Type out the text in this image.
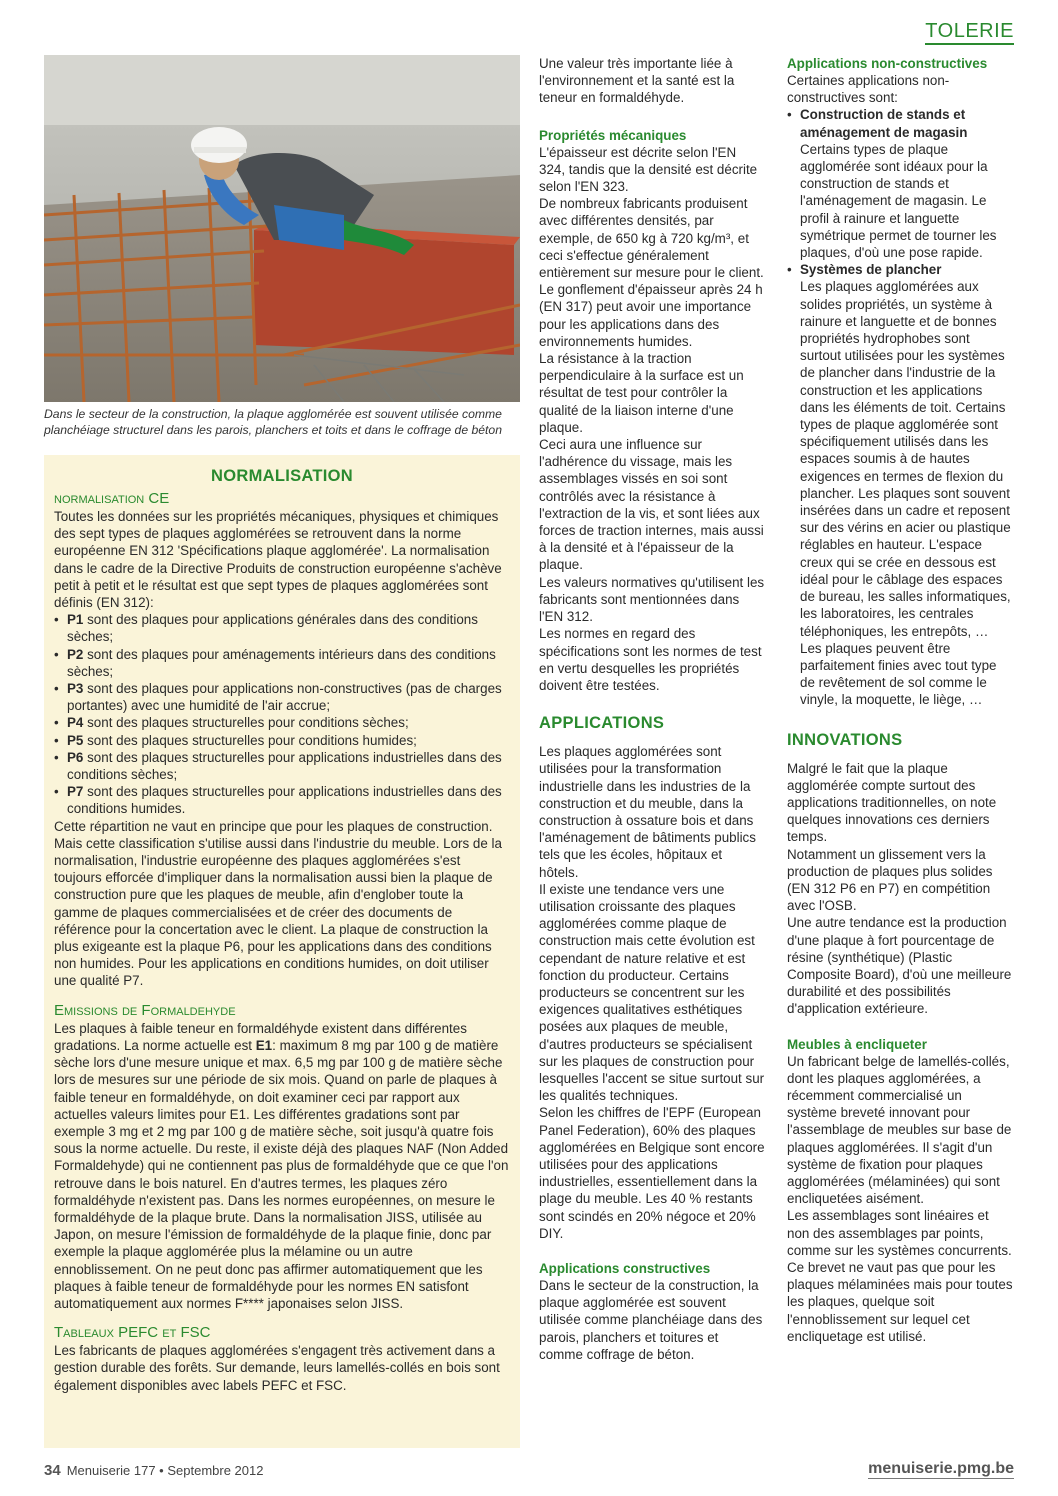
TOLERIE
Dans le secteur de la construction, la plaque agglomérée est souvent utilisée comme planchéiage structurel dans les parois, planchers et toits et dans le coffrage de béton
NORMALISATION
normalisation CE

Toutes les données sur les propriétés mécaniques, physiques et chimiques des sept types de plaques agglomérées se retrouvent dans la norme européenne EN 312 'Spécifications plaque agglomérée'. La normalisation dans le cadre de la Directive Produits de construction européenne s'achève petit à petit et le résultat est que sept types de plaques agglomérées sont définis (EN 312):

• P1 sont des plaques pour applications générales dans des conditions sèches;
• P2 sont des plaques pour aménagements intérieurs dans des conditions sèches;
• P3 sont des plaques pour applications non-constructives (pas de charges portantes) avec une humidité de l'air accrue;
• P4 sont des plaques structurelles pour conditions sèches;
• P5 sont des plaques structurelles pour conditions humides;
• P6 sont des plaques structurelles pour applications industrielles dans des conditions sèches;
• P7 sont des plaques structurelles pour applications industrielles dans des conditions humides.

Cette répartition ne vaut en principe que pour les plaques de construction. Mais cette classification s'utilise aussi dans l'industrie du meuble. Lors de la normalisation, l'industrie européenne des plaques agglomérées s'est toujours efforcée d'impliquer dans la normalisation aussi bien la plaque de construction pure que les plaques de meuble, afin d'englober toute la gamme de plaques commercialisées et de créer des documents de référence pour la concertation avec le client. La plaque de construction la plus exigeante est la plaque P6, pour les applications dans des conditions non humides. Pour les applications en conditions humides, on doit utiliser une qualité P7.

Emissions de Formaldehyde

Les plaques à faible teneur en formaldéhyde existent dans différentes gradations. La norme actuelle est E1: maximum 8 mg par 100 g de matière sèche lors d'une mesure unique et max. 6,5 mg par 100 g de matière sèche lors de mesures sur une période de six mois. Quand on parle de plaques à faible teneur en formaldéhyde, on doit examiner ceci par rapport aux actuelles valeurs limites pour E1. Les différentes gradations sont par exemple 3 mg et 2 mg par 100 g de matière sèche, soit jusqu'à quatre fois sous la norme actuelle. Du reste, il existe déjà des plaques NAF (Non Added Formaldehyde) qui ne contiennent pas plus de formaldéhyde que ce que l'on retrouve dans le bois naturel. En d'autres termes, les plaques zéro formaldéhyde n'existent pas. Dans les normes européennes, on mesure le formaldéhyde de la plaque brute. Dans la normalisation JISS, utilisée au Japon, on mesure l'émission de formaldéhyde de la plaque finie, donc par exemple la plaque agglomérée plus la mélamine ou un autre ennoblissement. On ne peut donc pas affirmer automatiquement que les plaques à faible teneur de formaldéhyde pour les normes EN satisfont automatiquement aux normes F**** japonaises selon JISS.

Tableaux PEFC et FSC

Les fabricants de plaques agglomérées s'engagent très activement dans a gestion durable des forêts. Sur demande, leurs lamellés-collés en bois sont également disponibles avec labels PEFC et FSC.

Une valeur très importante liée à l'environnement et la santé est la teneur en formaldéhyde.

Propriétés mécaniques

L'épaisseur est décrite selon l'EN 324, tandis que la densité est décrite selon l'EN 323.

De nombreux fabricants produisent avec différentes densités, par exemple, de 650 kg à 720 kg/m³, et ceci s'effectue généralement entièrement sur mesure pour le client.

Le gonflement d'épaisseur après 24 h (EN 317) peut avoir une importance pour les applications dans des environnements humides.

La résistance à la traction perpendiculaire à la surface est un résultat de test pour contrôler la qualité de la liaison interne d'une plaque.

Ceci aura une influence sur l'adhérence du vissage, mais les assemblages vissés en soi sont contrôlés avec la résistance à l'extraction de la vis, et sont liées aux forces de traction internes, mais aussi à la densité et à l'épaisseur de la plaque.

Les valeurs normatives qu'utilisent les fabricants sont mentionnées dans l'EN 312.

Les normes en regard des spécifications sont les normes de test en vertu desquelles les propriétés doivent être testées.

APPLICATIONS

Les plaques agglomérées sont utilisées pour la transformation industrielle dans les industries de la construction et du meuble, dans la construction à ossature bois et dans l'aménagement de bâtiments publics tels que les écoles, hôpitaux et hôtels.

Il existe une tendance vers une utilisation croissante des plaques agglomérées comme plaque de construction mais cette évolution est cependant de nature relative et est fonction du producteur. Certains producteurs se concentrent sur les exigences qualitatives esthétiques posées aux plaques de meuble, d'autres producteurs se spécialisent sur les plaques de construction pour lesquelles l'accent se situe surtout sur les qualités techniques.

Selon les chiffres de l'EPF (European Panel Federation), 60% des plaques agglomérées en Belgique sont encore utilisées pour des applications industrielles, essentiellement dans la plage du meuble. Les 40 % restants sont scindés en 20% négoce et 20% DIY.

Applications constructives

Dans le secteur de la construction, la plaque agglomérée est souvent utilisée comme planchéiage dans des parois, planchers et toitures et comme coffrage de béton.

Applications non-constructives

Certaines applications non-constructives sont:

• Construction de stands et aménagement de magasin
Certains types de plaque agglomérée sont idéaux pour la construction de stands et l'aménagement de magasin. Le profil à rainure et languette symétrique permet de tourner les plaques, d'où une pose rapide.
• Systèmes de plancher
Les plaques agglomérées aux solides propriétés, un système à rainure et languette et de bonnes propriétés hydrophobes sont surtout utilisées pour les systèmes de plancher dans l'industrie de la construction et les applications dans les éléments de toit. Certains types de plaque agglomérée sont spécifiquement utilisés dans les espaces soumis à de hautes exigences en termes de flexion du plancher. Les plaques sont souvent insérées dans un cadre et reposent sur des vérins en acier ou plastique réglables en hauteur. L'espace creux qui se crée en dessous est idéal pour le câblage des espaces de bureau, les salles informatiques, les laboratoires, les centrales téléphoniques, les entrepôts, … Les plaques peuvent être parfaitement finies avec tout type de revêtement de sol comme le vinyle, la moquette, le liège, …
INNOVATIONS

Malgré le fait que la plaque agglomérée compte surtout des applications traditionnelles, on note quelques innovations ces derniers temps.

Notamment un glissement vers la production de plaques plus solides (EN 312 P6 en P7) en compétition avec l'OSB.

Une autre tendance est la production d'une plaque à fort pourcentage de résine (synthétique) (Plastic Composite Board), d'où une meilleure durabilité et des possibilités d'application extérieure.

Meubles à encliqueter

Un fabricant belge de lamellés-collés, dont les plaques agglomérées, a récemment commercialisé un système breveté innovant pour l'assemblage de meubles sur base de plaques agglomérées. Il s'agit d'un système de fixation pour plaques agglomérées (mélaminées) qui sont encliquetées aisément.

Les assemblages sont linéaires et non des assemblages par points, comme sur les systèmes concurrents. Ce brevet ne vaut pas que pour les plaques mélaminées mais pour toutes les plaques, quelque soit l'ennoblissement sur lequel cet encliquetage est utilisé.

34 Menuiserie 177 • Septembre 2012	menuiserie.pmg.be
